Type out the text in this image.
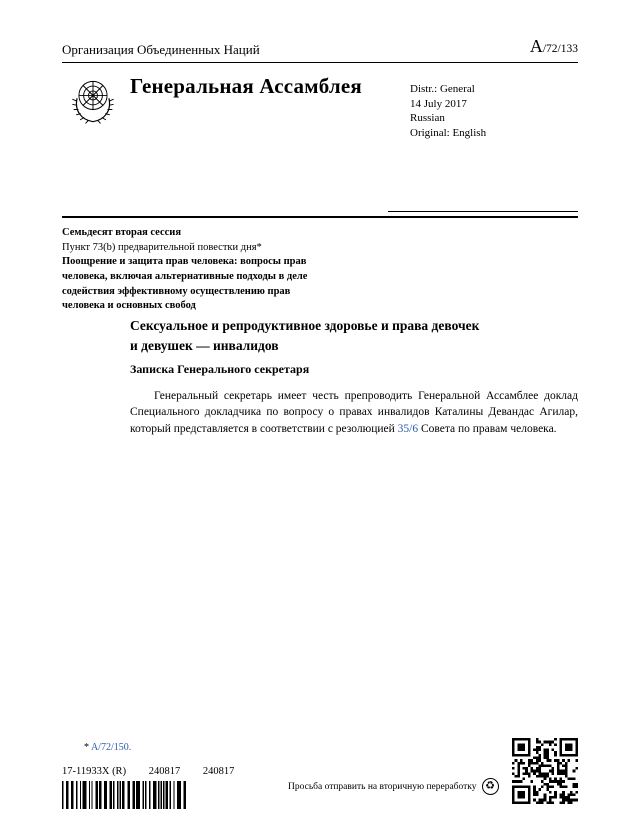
Организация Объединенных Наций	A/72/133
Генеральная Ассамблея	Distr.: General
14 July 2017
Russian
Original: English
Семьдесят вторая сессия
Пункт 73(b) предварительной повестки дня*
Поощрение и защита прав человека: вопросы прав человека, включая альтернативные подходы в деле содействия эффективному осуществлению прав человека и основных свобод
Сексуальное и репродуктивное здоровье и права девочек и девушек — инвалидов
Записка Генерального секретаря

Генеральный секретарь имеет честь препроводить Генеральной Ассамблее доклад Специального докладчика по вопросу о правах инвалидов Каталины Девандас Агилар, который представляется в соответствии с резолюцией 35/6 Совета по правам человека.

* A/72/150.
17-11933X (R) 240817 240817
Просьба отправить на вторичную переработку ♻
